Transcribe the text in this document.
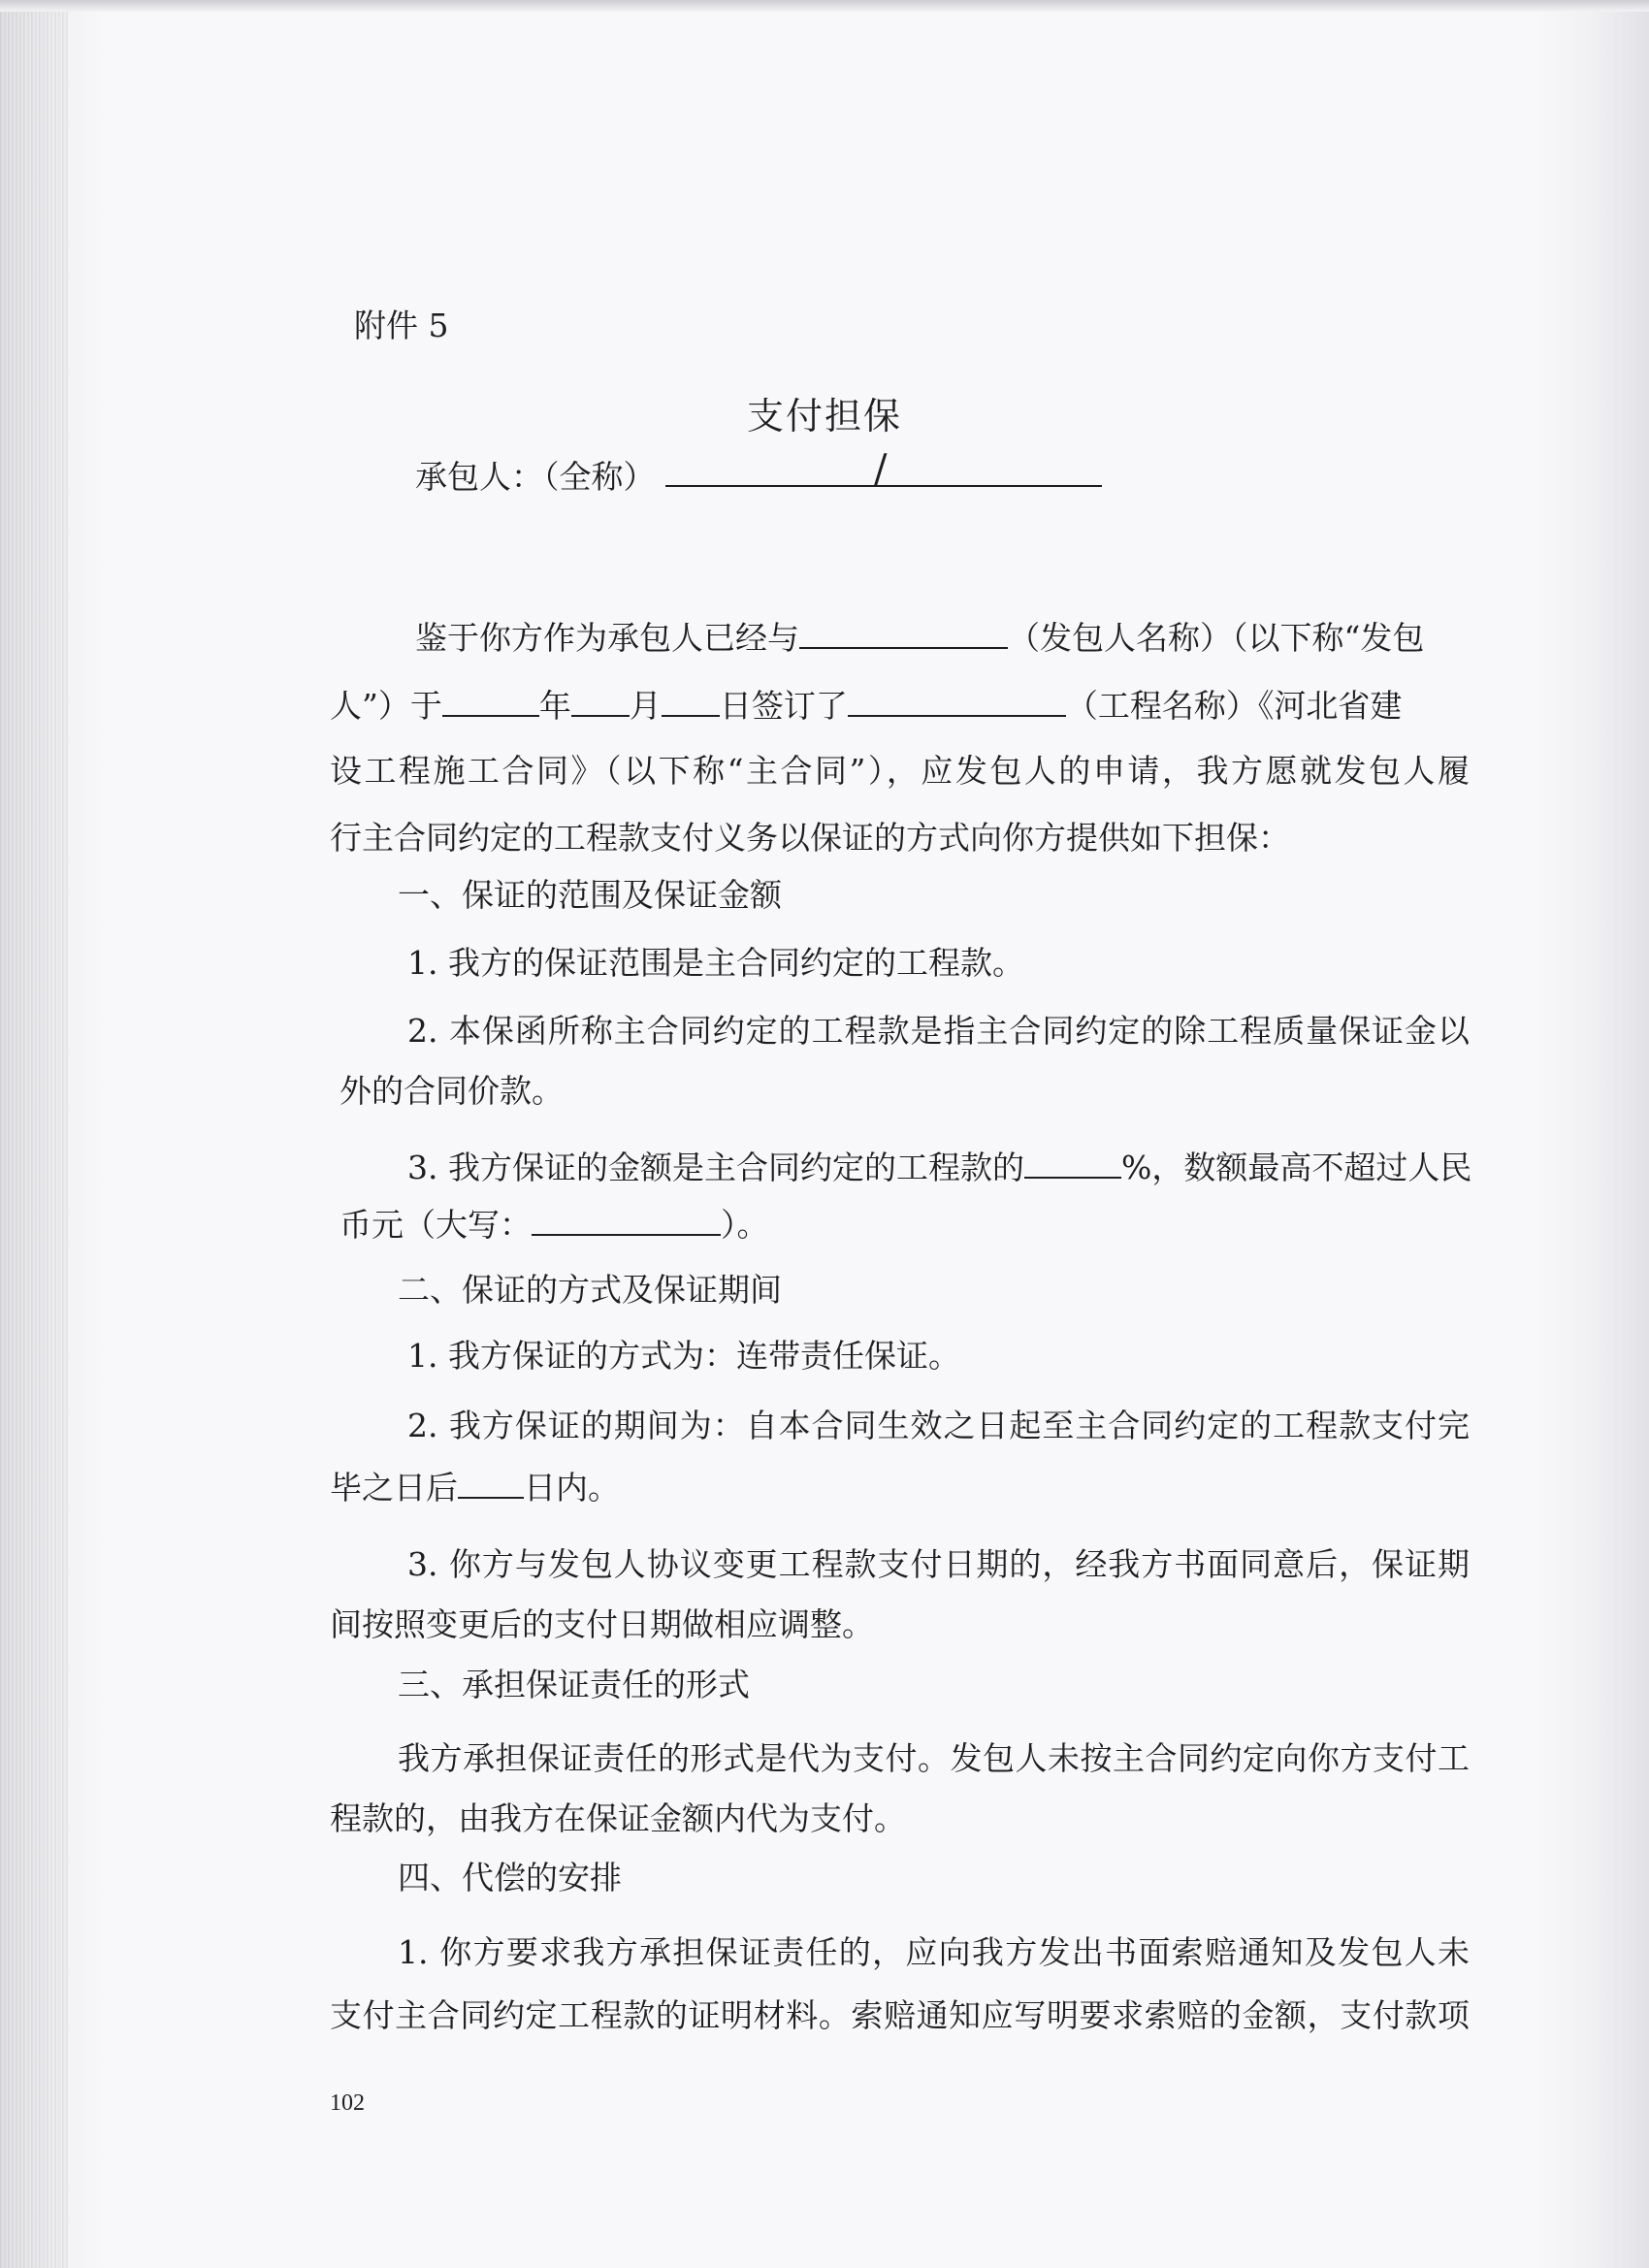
附件 5
支付担保
承包人：（全称）	/
鉴于你方作为承包人已经与	（发包人名称）（以下称“发包
人”）于	年 月 日签订了	（工程名称）《河北省建
设工程施工合同》（以下称“主合同”），应发包人的申请，我方愿就发包人履
行主合同约定的工程款支付义务以保证的方式向你方提供如下担保：
一、保证的范围及保证金额
1. 我方的保证范围是主合同约定的工程款。
2. 本保函所称主合同约定的工程款是指主合同约定的除工程质量保证金以
外的合同价款。
3. 我方保证的金额是主合同约定的工程款的	%，数额最高不超过人民
币元（大写：	）。
二、保证的方式及保证期间
1. 我方保证的方式为：连带责任保证。
2. 我方保证的期间为：自本合同生效之日起至主合同约定的工程款支付完
毕之日后 日内。
3. 你方与发包人协议变更工程款支付日期的，经我方书面同意后，保证期
间按照变更后的支付日期做相应调整。
三、承担保证责任的形式
我方承担保证责任的形式是代为支付。发包人未按主合同约定向你方支付工
程款的，由我方在保证金额内代为支付。
四、代偿的安排
1. 你方要求我方承担保证责任的，应向我方发出书面索赔通知及发包人未
支付主合同约定工程款的证明材料。索赔通知应写明要求索赔的金额，支付款项
102
